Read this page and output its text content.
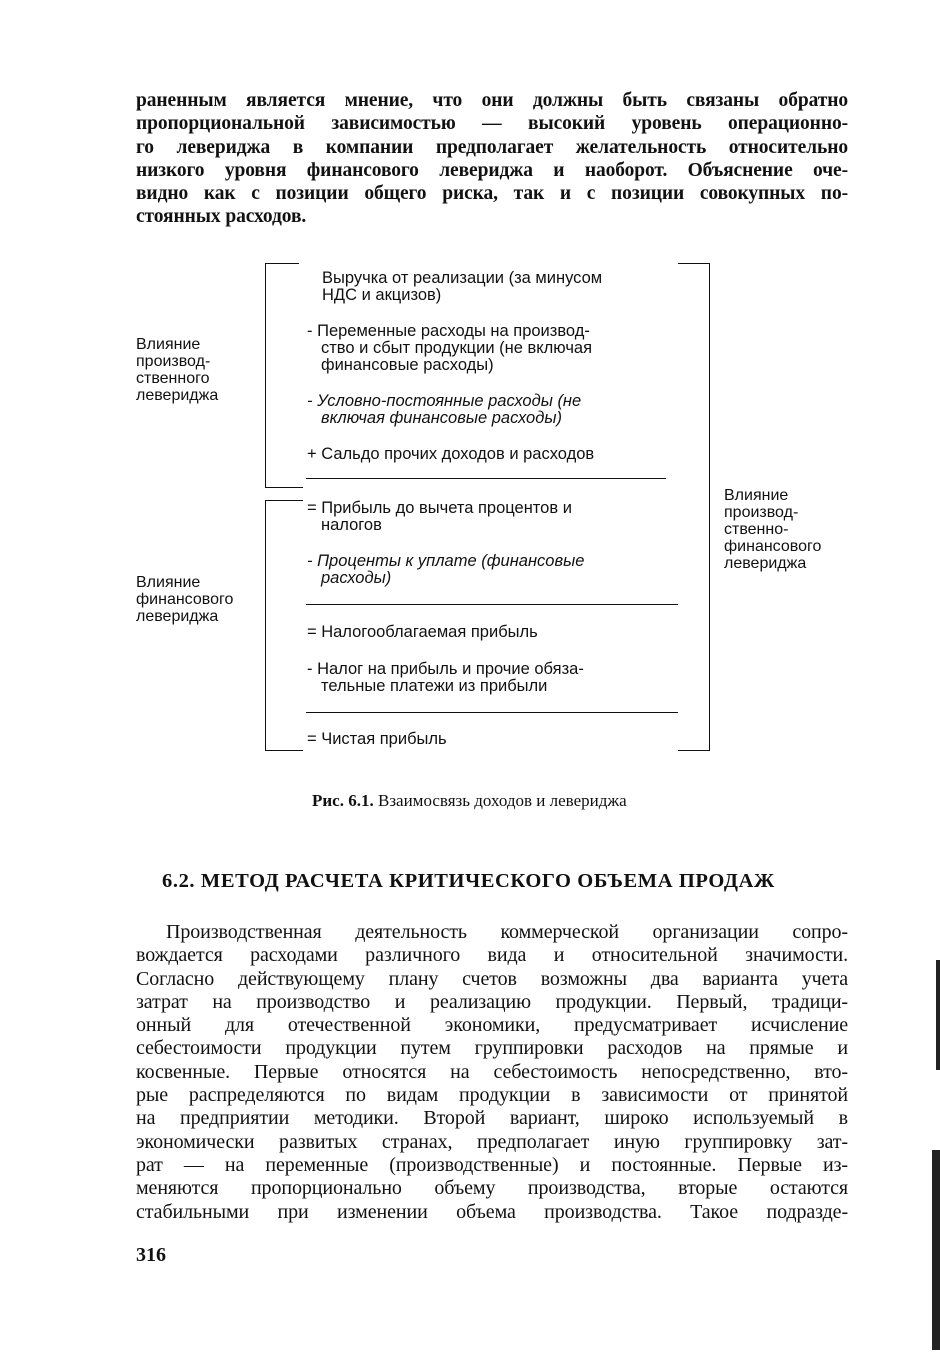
раненным является мнение, что они должны быть связаны обратно
пропорциональной зависимостью — высокий уровень операционно-
го левериджа в компании предполагает желательность относительно
низкого уровня финансового левериджа и наоборот. Объяснение оче-
видно как с позиции общего риска, так и с позиции совокупных по-
стоянных расходов.
Влияние
производ-
ственного
левериджа
Влияние
финансового
левериджа
Влияние
производ-
ственно-
финансового
левериджа
Выручка от реализации (за минусом
НДС и акцизов)
- Переменные расходы на производ-
ство и сбыт продукции (не включая
финансовые расходы)
- Условно-постоянные расходы (не
включая финансовые расходы)
+ Сальдо прочих доходов и расходов
= Прибыль до вычета процентов и
налогов
- Проценты к уплате (финансовые
расходы)
= Налогооблагаемая прибыль
- Налог на прибыль и прочие обяза-
тельные платежи из прибыли
= Чистая прибыль
Рис. 6.1. Взаимосвязь доходов и левериджа
6.2. МЕТОД РАСЧЕТА КРИТИЧЕСКОГО ОБЪЕМА ПРОДАЖ
Производственная деятельность коммерческой организации сопро-
вождается расходами различного вида и относительной значимости.
Согласно действующему плану счетов возможны два варианта учета
затрат на производство и реализацию продукции. Первый, традици-
онный для отечественной экономики, предусматривает исчисление
себестоимости продукции путем группировки расходов на прямые и
косвенные. Первые относятся на себестоимость непосредственно, вто-
рые распределяются по видам продукции в зависимости от принятой
на предприятии методики. Второй вариант, широко используемый в
экономически развитых странах, предполагает иную группировку зат-
рат — на переменные (производственные) и постоянные. Первые из-
меняются пропорционально объему производства, вторые остаются
стабильными при изменении объема производства. Такое подразде-
316
